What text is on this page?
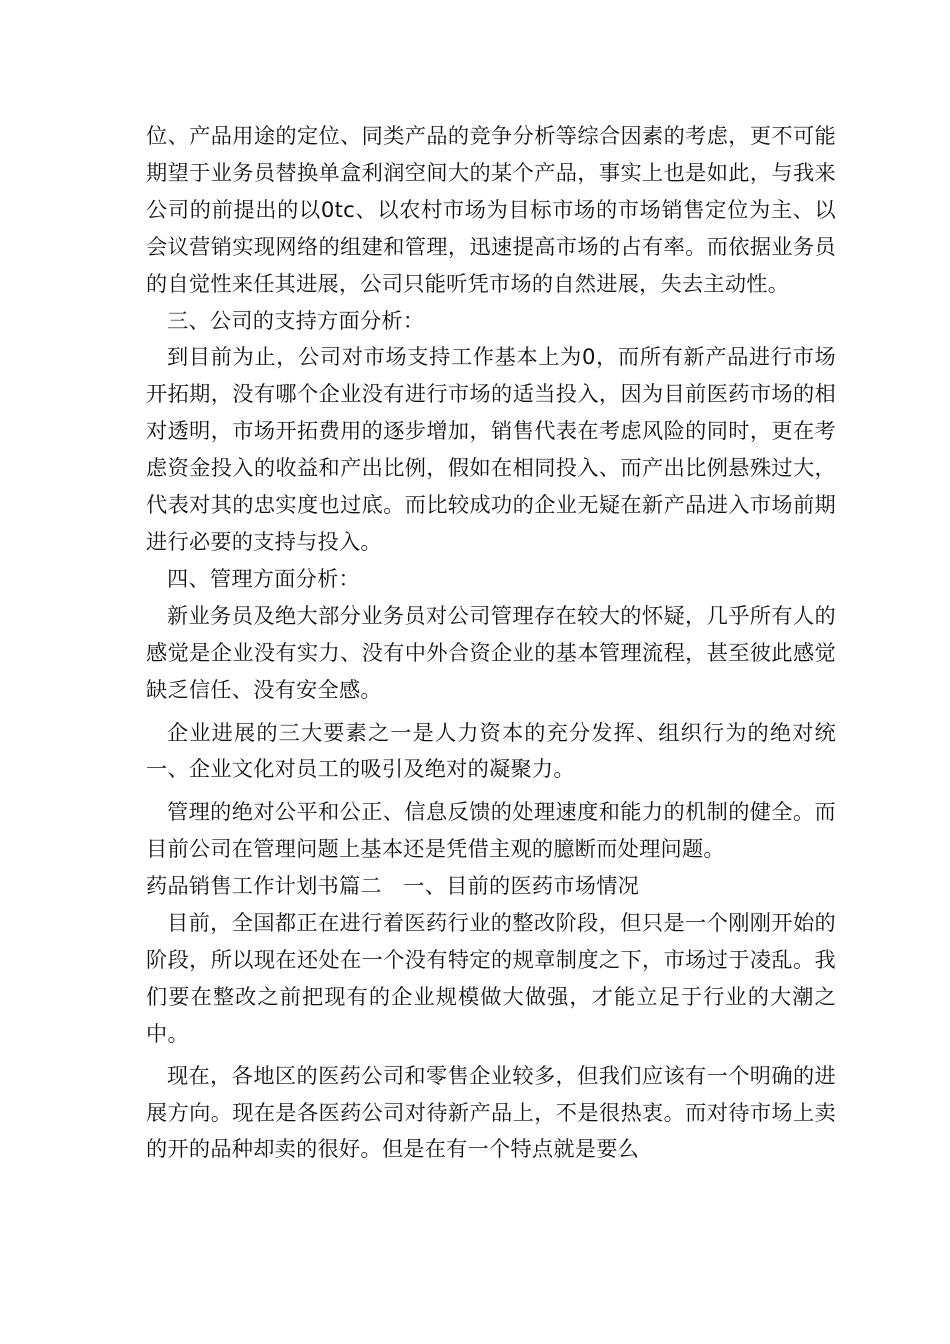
位、产品用途的定位、同类产品的竞争分析等综合因素的考虑，更不可能期望于业务员替换单盒利润空间大的某个产品，事实上也是如此，与我来公司的前提出的以0tc、以农村市场为目标市场的市场销售定位为主、以会议营销实现网络的组建和管理，迅速提高市场的占有率。而依据业务员的自觉性来任其进展，公司只能听凭市场的自然进展，失去主动性。

三、公司的支持方面分析：

到目前为止，公司对市场支持工作基本上为0，而所有新产品进行市场开拓期，没有哪个企业没有进行市场的适当投入，因为目前医药市场的相对透明，市场开拓费用的逐步增加，销售代表在考虑风险的同时，更在考虑资金投入的收益和产出比例，假如在相同投入、而产出比例悬殊过大，代表对其的忠实度也过底。而比较成功的企业无疑在新产品进入市场前期进行必要的支持与投入。

四、管理方面分析：

新业务员及绝大部分业务员对公司管理存在较大的怀疑，几乎所有人的感觉是企业没有实力、没有中外合资企业的基本管理流程，甚至彼此感觉缺乏信任、没有安全感。

企业进展的三大要素之一是人力资本的充分发挥、组织行为的绝对统一、企业文化对员工的吸引及绝对的凝聚力。

管理的绝对公平和公正、信息反馈的处理速度和能力的机制的健全。而目前公司在管理问题上基本还是凭借主观的臆断而处理问题。

药品销售工作计划书篇二　一、目前的医药市场情况

目前，全国都正在进行着医药行业的整改阶段，但只是一个刚刚开始的阶段，所以现在还处在一个没有特定的规章制度之下，市场过于凌乱。我们要在整改之前把现有的企业规模做大做强，才能立足于行业的大潮之中。

现在，各地区的医药公司和零售企业较多，但我们应该有一个明确的进展方向。现在是各医药公司对待新产品上，不是很热衷。而对待市场上卖的开的品种却卖的很好。但是在有一个特点就是要么
